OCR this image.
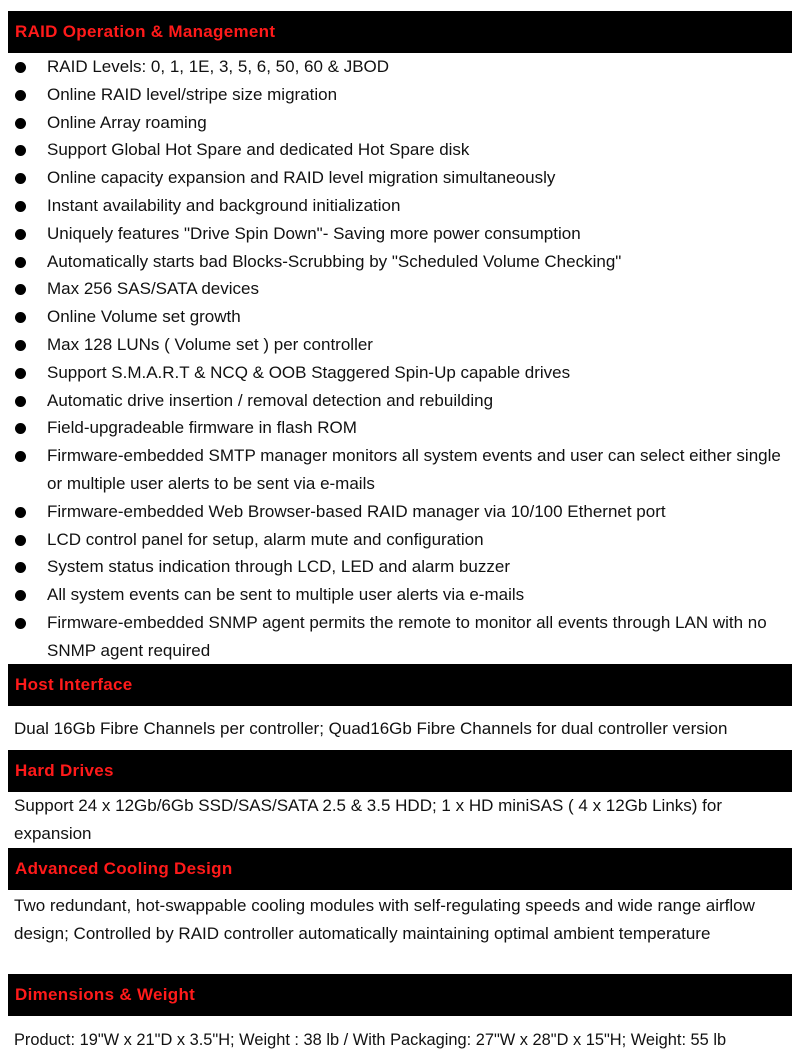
RAID Operation & Management
RAID Levels: 0, 1, 1E, 3, 5, 6, 50, 60 & JBOD
Online RAID level/stripe size migration
Online Array roaming
Support Global Hot Spare and dedicated Hot Spare disk
Online capacity expansion and RAID level migration simultaneously
Instant availability and background initialization
Uniquely features "Drive Spin Down"- Saving more power consumption
Automatically starts bad Blocks-Scrubbing by "Scheduled Volume Checking"
Max 256 SAS/SATA devices
Online Volume set growth
Max 128 LUNs ( Volume set ) per controller
Support S.M.A.R.T & NCQ & OOB Staggered Spin-Up capable drives
Automatic drive insertion / removal detection and rebuilding
Field-upgradeable firmware in flash ROM
Firmware-embedded SMTP manager monitors all system events and user can select either single or multiple user alerts to be sent via e-mails
Firmware-embedded Web Browser-based RAID manager via 10/100 Ethernet port
LCD control panel for setup, alarm mute and configuration
System status indication through LCD, LED and alarm buzzer
All system events can be sent to multiple user alerts via e-mails
Firmware-embedded SNMP agent permits the remote to monitor all events through LAN with no SNMP agent required
Host Interface

Dual 16Gb Fibre Channels per controller; Quad16Gb Fibre Channels for dual controller version

Hard Drives

Support 24 x 12Gb/6Gb SSD/SAS/SATA 2.5 & 3.5 HDD; 1 x HD miniSAS ( 4 x 12Gb Links) for expansion

Advanced Cooling Design

Two redundant, hot-swappable cooling modules with self-regulating speeds and wide range airflow design; Controlled by RAID controller automatically maintaining optimal ambient temperature

Dimensions & Weight

Product: 19"W x 21"D x 3.5"H; Weight : 38 lb / With Packaging: 27"W x 28"D x 15"H; Weight: 55 lb
